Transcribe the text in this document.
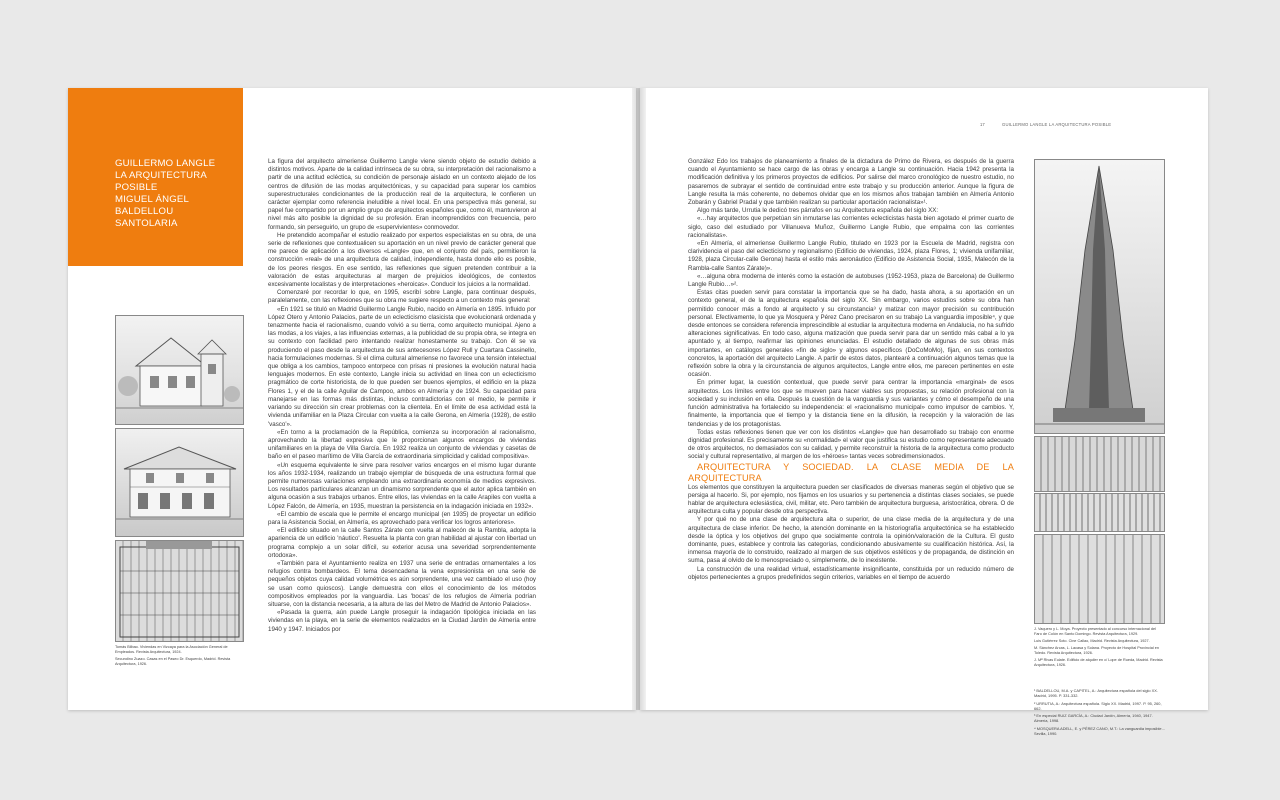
GUILLERMO LANGLE
LA ARQUITECTURA POSIBLE
MIGUEL ÁNGEL BALDELLOU
SANTOLARIA
Tomás Bilbao. Viviendas en Vizcaya para la Asociación General de Empleados. Revista Arquitectura, 1924.
Secundino Zuazo. Casas en el Paseo Dr. Esquerdo, Madrid. Revista Arquitectura, 1926.

La figura del arquitecto almeriense Guillermo Langle viene siendo objeto de estudio debido a distintos motivos. Aparte de la calidad intrínseca de su obra, su interpretación del racionalismo a partir de una actitud ecléctica, su condición de personaje aislado en un contexto alejado de los centros de difusión de las modas arquitectónicas, y su capacidad para superar los cambios superestructurales condicionantes de la producción real de la arquitectura, le confieren un carácter ejemplar como referencia ineludible a nivel local. En una perspectiva más general, su papel fue compartido por un amplio grupo de arquitectos españoles que, como él, mantuvieron al nivel más alto posible la dignidad de su profesión. Eran incomprendidos con frecuencia, pero formando, sin perseguirlo, un grupo de «supervivientes» conmovedor.

He pretendido acompañar el estudio realizado por expertos especialistas en su obra, de una serie de reflexiones que contextualicen su aportación en un nivel previo de carácter general que me parece de aplicación a los diversos «Langle» que, en el conjunto del país, permitieron la construcción «real» de una arquitectura de calidad, independiente, hasta donde ello es posible, de los peores riesgos. En ese sentido, las reflexiones que siguen pretenden contribuir a la valoración de estas arquitecturas al margen de prejuicios ideológicos, de contextos excesivamente localistas y de interpretaciones «heroicas». Conducir los juicios a la normalidad.

Comenzaré por recordar lo que, en 1995, escribí sobre Langle, para continuar después, paralelamente, con las reflexiones que su obra me sugiere respecto a un contexto más general:

«En 1921 se tituló en Madrid Guillermo Langle Rubio, nacido en Almería en 1895. Influido por López Otero y Antonio Palacios, parte de un eclecticismo clasicista que evolucionará ordenada y tenazmente hacia el racionalismo, cuando volvió a su tierra, como arquitecto municipal. Ajeno a las modas, a los viajes, a las influencias externas, a la publicidad de su propia obra, se integra en su contexto con facilidad pero intentando realizar honestamente su trabajo. Con él se va produciendo el paso desde la arquitectura de sus antecesores López Rull y Cuartara Cassinello, hacia formulaciones modernas. Si el clima cultural almeriense no favorece una tensión intelectual que obliga a los cambios, tampoco entorpece con prisas ni presiones la evolución natural hacia lenguajes modernos. En este contexto, Langle inicia su actividad en línea con un eclecticismo pragmático de corte historicista, de lo que pueden ser buenos ejemplos, el edificio en la plaza Flores 1, y el de la calle Aguilar de Campoo, ambos en Almería y de 1924. Su capacidad para manejarse en las formas más distintas, incluso contradictorias con el medio, le permite ir variando su dirección sin crear problemas con la clientela. En el límite de esa actividad está la vivienda unifamiliar en la Plaza Circular con vuelta a la calle Gerona, en Almería (1928), de estilo 'vasco'».

«En torno a la proclamación de la República, comienza su incorporación al racionalismo, aprovechando la libertad expresiva que le proporcionan algunos encargos de viviendas unifamiliares en la playa de Villa García. En 1932 realiza un conjunto de viviendas y casetas de baño en el paseo marítimo de Villa García de extraordinaria simplicidad y calidad compositiva».

«Un esquema equivalente le sirve para resolver varios encargos en el mismo lugar durante los años 1932-1934, realizando un trabajo ejemplar de búsqueda de una estructura formal que permite numerosas variaciones empleando una extraordinaria economía de medios expresivos. Los resultados particulares alcanzan un dinamismo sorprendente que el autor aplica también en alguna ocasión a sus trabajos urbanos. Entre ellos, las viviendas en la calle Arapiles con vuelta a López Falcón, de Almería, en 1935, muestran la persistencia en la indagación iniciada en 1932».

«El cambio de escala que le permite el encargo municipal (en 1935) de proyectar un edificio para la Asistencia Social, en Almería, es aprovechado para verificar los logros anteriores».

«El edificio situado en la calle Santos Zárate con vuelta al malecón de la Rambla, adopta la apariencia de un edificio 'náutico'. Resuelta la planta con gran habilidad al ajustar con libertad un programa complejo a un solar difícil, su exterior acusa una severidad sorprendentemente ortodoxa».

«También para el Ayuntamiento realiza en 1937 una serie de entradas ornamentales a los refugios contra bombardeos. El tema desencadena la vena expresionista en una serie de pequeños objetos cuya calidad volumétrica es aún sorprendente, una vez cambiado el uso (hoy se usan como quioscos). Langle demuestra con ellos el conocimiento de los métodos compositivos empleados por la vanguardia. Las 'bocas' de los refugios de Almería podrían situarse, con la distancia necesaria, a la altura de las del Metro de Madrid de Antonio Palacios».

«Pasada la guerra, aún puede Langle proseguir la indagación tipológica iniciada en las viviendas en la playa, en la serie de elementos realizados en la Ciudad Jardín de Almería entre 1940 y 1947. Iniciados por

17	GUILLERMO LANGLE LA ARQUITECTURA POSIBLE

González Edo los trabajos de planeamiento a finales de la dictadura de Primo de Rivera, es después de la guerra cuando el Ayuntamiento se hace cargo de las obras y encarga a Langle su continuación. Hacia 1942 presenta la modificación definitiva y los primeros proyectos de edificios. Por salirse del marco cronológico de nuestro estudio, no pasaremos de subrayar el sentido de continuidad entre este trabajo y su producción anterior. Aunque la figura de Langle resulta la más coherente, no debemos olvidar que en los mismos años trabajan también en Almería Antonio Zobarán y Gabriel Pradal y que también realizan su particular aportación racionalista»¹.

Algo más tarde, Urrutia le dedicó tres párrafos en su Arquitectura española del siglo XX:

«…hay arquitectos que perpetúan sin inmutarse las corrientes eclecticistas hasta bien agotado el primer cuarto de siglo, caso del estudiado por Villanueva Muñoz, Guillermo Langle Rubio, que empalma con las corrientes racionalistas».

«En Almería, el almeriense Guillermo Langle Rubio, titulado en 1923 por la Escuela de Madrid, registra con clarividencia el paso del eclecticismo y regionalismo (Edificio de viviendas, 1924, plaza Flores, 1; vivienda unifamiliar, 1928, plaza Circular-calle Gerona) hasta el estilo más aeronáutico (Edificio de Asistencia Social, 1935, Malecón de la Rambla-calle Santos Zárate)».

«…alguna obra moderna de interés como la estación de autobuses (1952-1953, plaza de Barcelona) de Guillermo Langle Rubio…»².

Estas citas pueden servir para constatar la importancia que se ha dado, hasta ahora, a su aportación en un contexto general, el de la arquitectura española del siglo XX. Sin embargo, varios estudios sobre su obra han permitido conocer más a fondo al arquitecto y su circunstancia³ y matizar con mayor precisión su contribución personal. Efectivamente, lo que ya Mosquera y Pérez Cano precisaron en su trabajo La vanguardia imposible⁴, y que desde entonces se considera referencia imprescindible al estudiar la arquitectura moderna en Andalucía, no ha sufrido alteraciones significativas. En todo caso, alguna matización que pueda servir para dar un sentido más cabal a lo ya apuntado y, al tiempo, reafirmar las opiniones enunciadas. El estudio detallado de algunas de sus obras más importantes, en catálogos generales «fin de siglo» y algunos específicos (DoCoMoMo), fijan, en sus contextos concretos, la aportación del arquitecto Langle. A partir de estos datos, plantearé a continuación algunos temas que la reflexión sobre la obra y la circunstancia de algunos arquitectos, Langle entre ellos, me parecen pertinentes en este ocasión.

En primer lugar, la cuestión contextual, que puede servir para centrar la importancia «marginal» de esos arquitectos. Los límites entre los que se mueven para hacer viables sus propuestas, su relación profesional con la sociedad y su inclusión en ella. Después la cuestión de la vanguardia y sus variantes y cómo el desempeño de una función administrativa ha fortalecido su independencia: el «racionalismo municipal» como impulsor de cambios. Y, finalmente, la importancia que el tiempo y la distancia tiene en la difusión, la recepción y la valoración de las tendencias y de los protagonistas.

Todas estas reflexiones tienen que ver con los distintos «Langle» que han desarrollado su trabajo con enorme dignidad profesional. Es precisamente su «normalidad» el valor que justifica su estudio como representante adecuado de otros arquitectos, no demasiados con su calidad, y permite reconstruir la historia de la arquitectura como producto social y cultural representativo, al margen de los «héroes» tantas veces sobredimensionados.

ARQUITECTURA Y SOCIEDAD. LA CLASE MEDIA DE LA ARQUITECTURA

Los elementos que constituyen la arquitectura pueden ser clasificados de diversas maneras según el objetivo que se persiga al hacerlo. Si, por ejemplo, nos fijamos en los usuarios y su pertenencia a distintas clases sociales, se puede hablar de arquitectura eclesiástica, civil, militar, etc. Pero también de arquitectura burguesa, aristocrática, obrera. O de arquitectura culta y popular desde otra perspectiva.

Y por qué no de una clase de arquitectura alta o superior, de una clase media de la arquitectura y de una arquitectura de clase inferior. De hecho, la atención dominante en la historiografía arquitectónica se ha establecido desde la óptica y los objetivos del grupo que socialmente controla la opinión/valoración de la Cultura. El gusto dominante, pues, establece y controla las categorías, condicionando abusivamente su cualificación histórica. Así, la inmensa mayoría de lo construido, realizado al margen de sus objetivos estéticos y de propaganda, de distinción en suma, pasa al olvido de lo menospreciado o, simplemente, de lo inexistente.

La construcción de una realidad virtual, estadísticamente insignificante, constituida por un reducido número de objetos pertenecientes a grupos predefinidos según criterios, variables en el tiempo de acuerdo

J. Vaquero y L. Moya. Proyecto presentado al concurso internacional del Faro de Colón en Santo Domingo. Revista Arquitectura, 1929.
Luis Gutiérrez Soto. Cine Callao, Madrid. Revista Arquitectura, 1927.
M. Sánchez Arcas, L. Lacasa y Solana. Proyecto de Hospital Provincial en Toledo. Revista Arquitectura, 1926.
J. Mª Rivas Eulate. Edificio de alquiler en c/ Lope de Rueda, Madrid. Revista Arquitectura, 1926.
¹ BALDELLOU, M.A. y CAPITEL, A.: Arquitectura española del siglo XX. Madrid, 1995. P. 331-332.
² URRUTIA, A.: Arquitectura española. Siglo XX. Madrid, 1997. P. 95, 260, 662.
³ En especial RUIZ GARCÍA, A.: Ciudad Jardín, Almería, 1940, 1947. Almería, 1998.
⁴ MOSQUERA ADELL, E. y PÉREZ CANO, M.T.: La vanguardia imposible… Sevilla, 1990.
